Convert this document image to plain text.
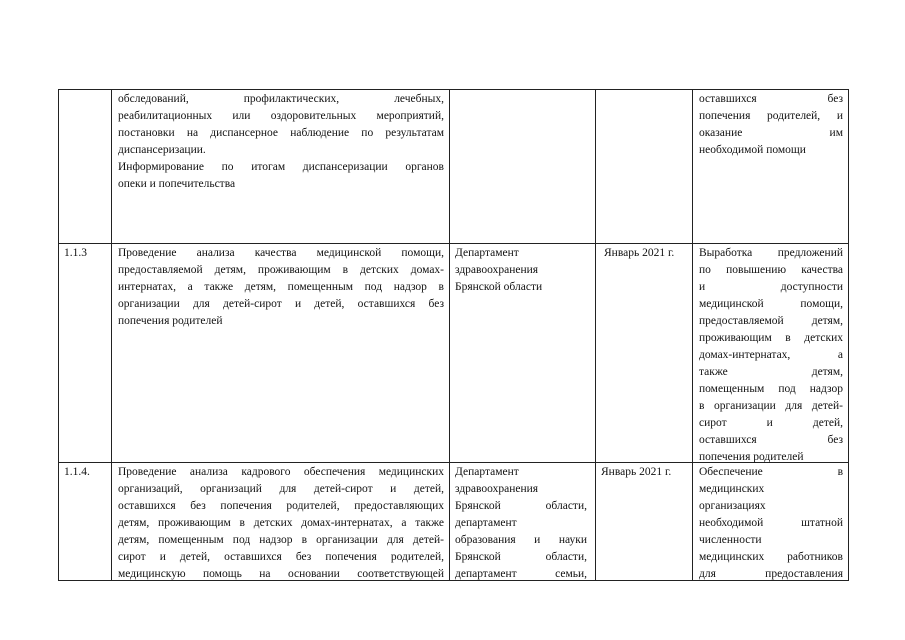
обследований, профилактических, лечебных,
реабилитационных или оздоровительных мероприятий,
постановки на диспансерное наблюдение по результатам
диспансеризации.
Информирование по итогам диспансеризации органов
опеки и попечительства
оставшихся без
попечения родителей, и
оказание им
необходимой помощи
1.1.3	Проведение анализа качества медицинской помощи,
предоставляемой детям, проживающим в детских домах-
интернатах, а также детям, помещенным под надзор в
организации для детей-сирот и детей, оставшихся без
попечения родителей
Департамент
здравоохранения
Брянской области
Январь 2021 г. Выработка предложений
по повышению качества
и доступности
медицинской помощи,
предоставляемой детям,
проживающим в детских
домах-интернатах, а
также детям,
помещенным под надзор
в организации для детей-
сирот и детей,
оставшихся без
попечения родителей
1.1.4. Проведение анализа кадрового обеспечения медицинских
организаций, организаций для детей-сирот и детей,
оставшихся без попечения родителей, предоставляющих
детям, проживающим в детских домах-интернатах, а также
детям, помещенным под надзор в организации для детей-
сирот и детей, оставшихся без попечения родителей,
медицинскую помощь на основании соответствующей
Департамент
здравоохранения
Брянской области,
департамент
образования и науки
Брянской области,
департамент семьи,
Январь 2021 г. Обеспечение в
медицинских
организациях
необходимой штатной
численности
медицинских работников
для предоставления
